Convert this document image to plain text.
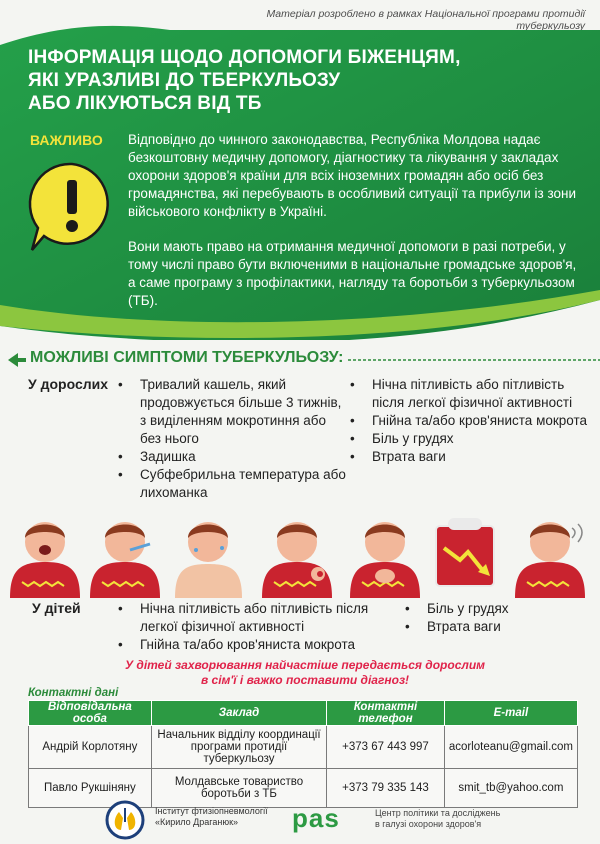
Матеріал розроблено в рамках Національної програми протидії туберкульозу
ІНФОРМАЦІЯ ЩОДО ДОПОМОГИ БІЖЕНЦЯМ,
ЯКІ УРАЗЛИВІ ДО ТБЕРКУЛЬОЗУ
АБО ЛІКУЮТЬСЯ ВІД ТБ
ВАЖЛИВО Відповідно до чинного законодавства, Республіка Молдова надає безкоштовну медичну допомогу, діагностику та лікування у закладах охорони здоров'я країни для всіх іноземних громадян або осіб без громадянства, які перебувають в особливий ситуації та прибули із зони військового конфлікту в Україні.
Вони мають право на отримання медичної допомоги в разі потреби, у тому числі право бути включеними в національне громадське здоров'я, а саме програму з профілактики, нагляду та боротьби з туберкульозом (ТБ).
МОЖЛИВІ СИМПТОМИ ТУБЕРКУЛЬОЗУ:
У дорослих	• Тривалий кашель, який продовжується більше 3 тижнів, з виділенням мокротиння або без нього
• Задишка
• Субфебрильна температура або лихоманка
• Нічна пітливість або пітливість після легкої фізичної активності
• Гнійна та/або кров'яниста мокрота
• Біль у грудях
• Втрата ваги
У дітей	• Нічна пітливість або пітливість після легкої фізичної активності
• Гнійна та/або кров'яниста мокрота
• Біль у грудях
• Втрата ваги
У дітей захворювання найчастіше передається дорослим
в сім'ї і важко поставити діагноз!
Контактні дані
Відповідальна особа	Заклад	Контактні телефон	E-mail
Андрій Корлотяну	Начальник відділу координації програми протидії туберкульозу	+373 67 443 997	acorloteanu@gmail.com
Павло Рукшіняну	Молдавське товариство боротьби з ТБ	+373 79 335 143	smit_tb@yahoo.com
Інститут фтизіопневмології
«Кирило Драганюк»	pas	Центр політики та досліджень
в галузі охорони здоров'я
